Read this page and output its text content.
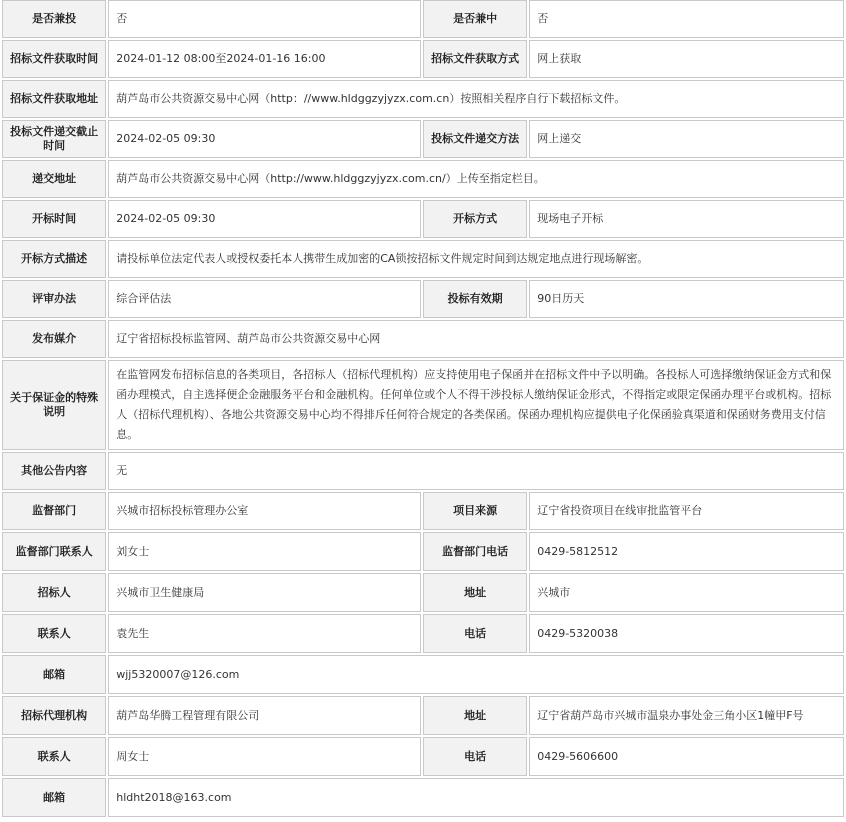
是否兼投	否	是否兼中	否
招标文件获取时间	2024-01-12 08:00至2024-01-16 16:00	招标文件获取方式	网上获取
招标文件获取地址	葫芦岛市公共资源交易中心网（http：//www.hldggzyjyzx.com.cn）按照相关程序自行下载招标文件。		
投标文件递交截止时间	2024-02-05 09:30	投标文件递交方法	网上递交
递交地址	葫芦岛市公共资源交易中心网（http://www.hldggzyjyzx.com.cn/）上传至指定栏目。		
开标时间	2024-02-05 09:30	开标方式	现场电子开标
开标方式描述	请投标单位法定代表人或授权委托本人携带生成加密的CA锁按招标文件规定时间到达规定地点进行现场解密。		
评审办法	综合评估法	投标有效期	90日历天
发布媒介	辽宁省招标投标监管网、葫芦岛市公共资源交易中心网		
关于保证金的特殊说明	在监管网发布招标信息的各类项目，各招标人（招标代理机构）应支持使用电子保函并在招标文件中予以明确。各投标人可选择缴纳保证金方式和保函办理模式，自主选择便企金融服务平台和金融机构。任何单位或个人不得干涉投标人缴纳保证金形式，不得指定或限定保函办理平台或机构。招标人（招标代理机构）、各地公共资源交易中心均不得排斥任何符合规定的各类保函。保函办理机构应提供电子化保函验真渠道和保函财务费用支付信息。		
其他公告内容	无		
监督部门	兴城市招标投标管理办公室	项目来源	辽宁省投资项目在线审批监管平台
监督部门联系人	刘女士	监督部门电话	0429-5812512
招标人	兴城市卫生健康局	地址	兴城市
联系人	袁先生	电话	0429-5320038
邮箱	wjj5320007@126.com		
招标代理机构	葫芦岛华腾工程管理有限公司	地址	辽宁省葫芦岛市兴城市温泉办事处金三角小区1幢甲F号
联系人	周女士	电话	0429-5606600
邮箱	hldht2018@163.com		
